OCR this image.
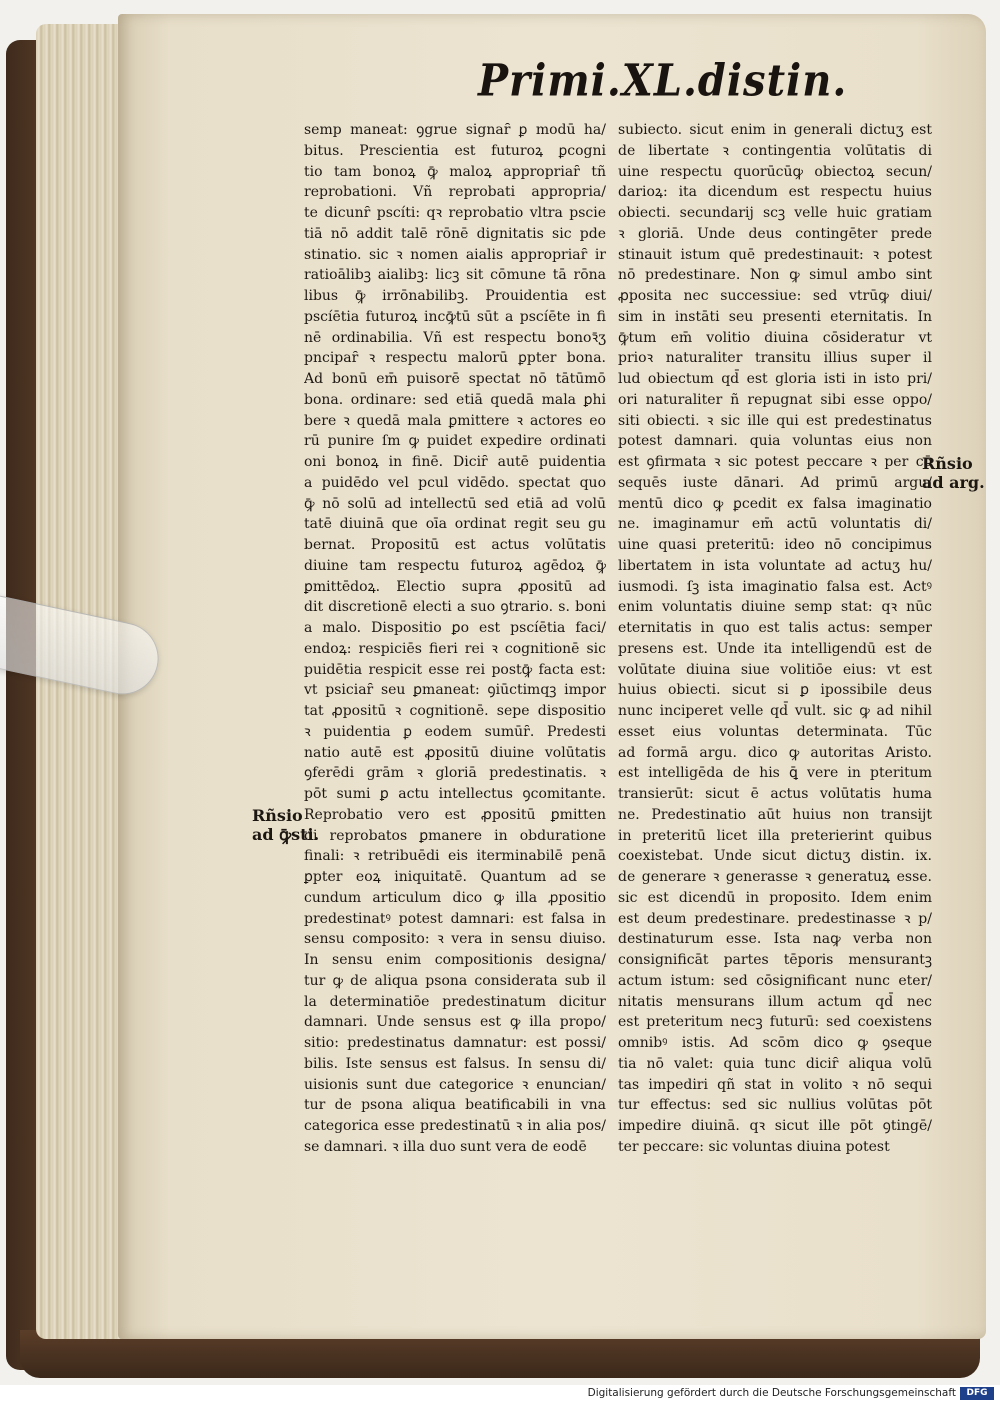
Primi.XL.distin.
semp maneat: ꝯgrue signaȓ ꝑ modū ha/
bitus. Prescientia est futuroꝝ ꝑcogni
tio tam bonoꝝ ꝙ̄ maloꝝ appropriaȓ tñ
reprobationi. Vñ reprobati appropria/
te dicunȓ pscíti: qꝛ reprobatio vltra pscie
tiā nō addit talē rōnē dignitatis sic pde
stinatio. sic ꝛ nomen aialis appropriaȓ ir
ratioālibꝫ aialibꝫ: licꝫ sit cōmune tā rōna
libus ꝙ̄ irrōnabilibꝫ. Prouidentia est
pscíētia futuroꝝ incꝙ̄tū sūt a pscíēte in fi
nē ordinabilia. Vñ est respectu bonoꝛ̄ʒ
pncipaȓ ꝛ respectu malorū ꝑpter bona.
Ad bonū em̄ puisorē spectat nō tātūmō
bona. ordinare: sed etiā quedā mala ꝑhi
bere ꝛ quedā mala ꝑmittere ꝛ actores eo
rū punire ſm ꝙ puidet expedire ordinati
oni bonoꝝ in finē. Diciȓ autē puidentia
a puidēdo vel pcul vidēdo. spectat quo
ꝙ̄ nō solū ad intellectū sed etiā ad volū
tatē diuinā que oīa ordinat regit seu gu
bernat. Propositū est actus volūtatis
diuine tam respectu futuroꝝ agēdoꝝ ꝙ̄
ꝑmittēdoꝝ. Electio supra ꝓpositū ad
dit discretionē electi a suo ꝯtrario. s. boni
a malo. Dispositio ꝑo est pscíētia faci/
endoꝝ: respiciēs fieri rei ꝛ cognitionē sic
puidētia respicit esse rei postꝙ̄ facta est:
vt psiciaȓ seu ꝑmaneat: ꝯiūctimqꝫ impor
tat ꝓpositū ꝛ cognitionē. sepe dispositio
ꝛ puidentia ꝑ eodem sumūȓ. Predesti
natio autē est ꝓpositū diuine volūtatis
ꝯferēdi grām ꝛ gloriā predestinatis. ꝛ
pōt sumi ꝑ actu intellectus ꝯcomitante.
Reprobatio vero est ꝓpositū ꝑmitten
di reprobatos ꝑmanere in obduratione
finali: ꝛ retribuēdi eis iterminabilē penā
ꝑpter eoꝝ iniquitatē. Quantum ad se
cundum articulum dico ꝙ illa ꝓpositio
predestinatꝰ potest damnari: est falsa in
sensu composito: ꝛ vera in sensu diuiso.
In sensu enim compositionis designa/
tur ꝙ de aliqua psona considerata sub il
la determinatiōe predestinatum dicitur
damnari. Unde sensus est ꝙ illa propo/
sitio: predestinatus damnatur: est possi/
bilis. Iste sensus est falsus. In sensu di/
uisionis sunt due categorice ꝛ enuncian/
tur de psona aliqua beatificabili in vna
categorica esse predestinatū ꝛ in alia pos/
se damnari. ꝛ illa duo sunt vera de eodē
subiecto. sicut enim in generali dictuʒ est
de libertate ꝛ contingentia volūtatis di
uine respectu quorūcūꝙ obiectoꝝ secun/
darioꝝ: ita dicendum est respectu huius
obiecti. secundarij scꝫ velle huic gratiam
ꝛ gloriā. Unde deus contingēter prede
stinauit istum quē predestinauit: ꝛ potest
nō predestinare. Non ꝙ simul ambo sint
ꝓposita nec successiue: sed vtrūꝙ diui/
sim in instāti seu presenti eternitatis. In
ꝙ̄tum em̄ volitio diuina cōsideratur vt
prioꝛ naturaliter transitu illius super il
lud obiectum qd̄ est gloria isti in isto pri/
ori naturaliter ñ repugnat sibi esse oppo/
siti obiecti. ꝛ sic ille qui est predestinatus
potest damnari. quia voluntas eius non
est ꝯfirmata ꝛ sic potest peccare ꝛ per cō
sequēs iuste dānari. Ad primū argu/
mentū dico ꝙ ꝑcedit ex falsa imaginatio
ne. imaginamur em̄ actū voluntatis di/
uine quasi preteritū: ideo nō concipimus
libertatem in ista voluntate ad actuʒ hu/
iusmodi. ſꝫ ista imaginatio falsa est. Actꝰ
enim voluntatis diuine semp stat: qꝛ nūc
eternitatis in quo est talis actus: semper
presens est. Unde ita intelligendū est de
volūtate diuina siue volitiōe eius: vt est
huius obiecti. sicut si ꝑ ipossibile deus
nunc inciperet velle qd̄ vult. sic ꝙ ad nihil
esset eius voluntas determinata. Tūc
ad formā argu. dico ꝙ autoritas Aristo.
est intelligēda de his ꝗ̄ vere in pteritum
transierūt: sicut ē actus volūtatis huma
ne. Predestinatio aūt huius non transijt
in preteritū licet illa preterierint quibus
coexistebat. Unde sicut dictuʒ distin. ix.
de generare ꝛ generasse ꝛ generatuꝝ esse.
sic est dicendū in proposito. Idem enim
est deum predestinare. predestinasse ꝛ p/
destinaturum esse. Ista naꝙ verba non
consignificāt partes tēporis mensurantꝫ
actum istum: sed cōsignificant nunc eter/
nitatis mensurans illum actum qd̄ nec
est preteritum necꝫ futurū: sed coexistens
omnibꝰ istis. Ad scōm dico ꝙ ꝯseque
tia nō valet: quia tunc diciȓ aliqua volū
tas impediri qñ stat in volito ꝛ nō sequi
tur effectus: sed sic nullius volūtas pōt
impedire diuinā. qꝛ sicut ille pōt ꝯtingē/
ter peccare: sic voluntas diuina potest
Rñsio
ad arg.
Rñsio
ad ꝙ̄sti.
Digitalisierung gefördert durch die Deutsche Forschungsgemeinschaft	DFG
